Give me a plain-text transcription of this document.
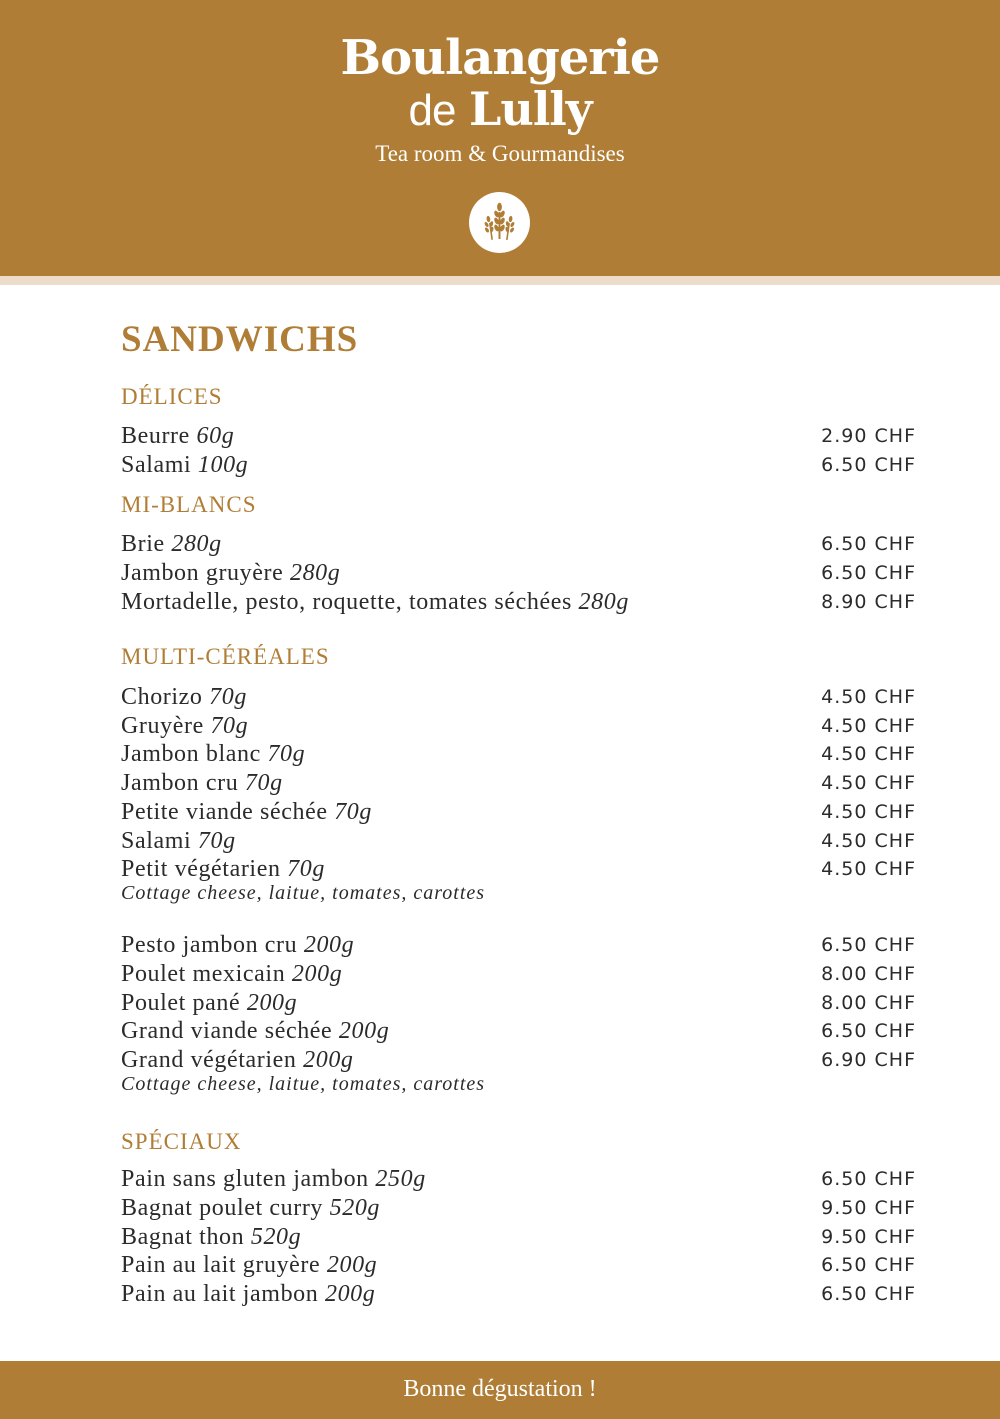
Boulangerie
de Lully
Tea room & Gourmandises
SANDWICHS
DÉLICES
Beurre 60g	2.90 CHF
Salami 100g	6.50 CHF
MI-BLANCS
Brie 280g	6.50 CHF
Jambon gruyère 280g	6.50 CHF
Mortadelle, pesto, roquette, tomates séchées 280g	8.90 CHF
MULTI-CÉRÉALES
Chorizo 70g	4.50 CHF
Gruyère 70g	4.50 CHF
Jambon blanc 70g	4.50 CHF
Jambon cru 70g	4.50 CHF
Petite viande séchée 70g	4.50 CHF
Salami 70g	4.50 CHF
Petit végétarien 70g	4.50 CHF
Cottage cheese, laitue, tomates, carottes
Pesto jambon cru 200g	6.50 CHF
Poulet mexicain 200g	8.00 CHF
Poulet pané 200g	8.00 CHF
Grand viande séchée 200g	6.50 CHF
Grand végétarien 200g	6.90 CHF
Cottage cheese, laitue, tomates, carottes
SPÉCIAUX
Pain sans gluten jambon 250g	6.50 CHF
Bagnat poulet curry 520g	9.50 CHF
Bagnat thon 520g	9.50 CHF
Pain au lait gruyère 200g	6.50 CHF
Pain au lait jambon 200g	6.50 CHF
Bonne dégustation !
